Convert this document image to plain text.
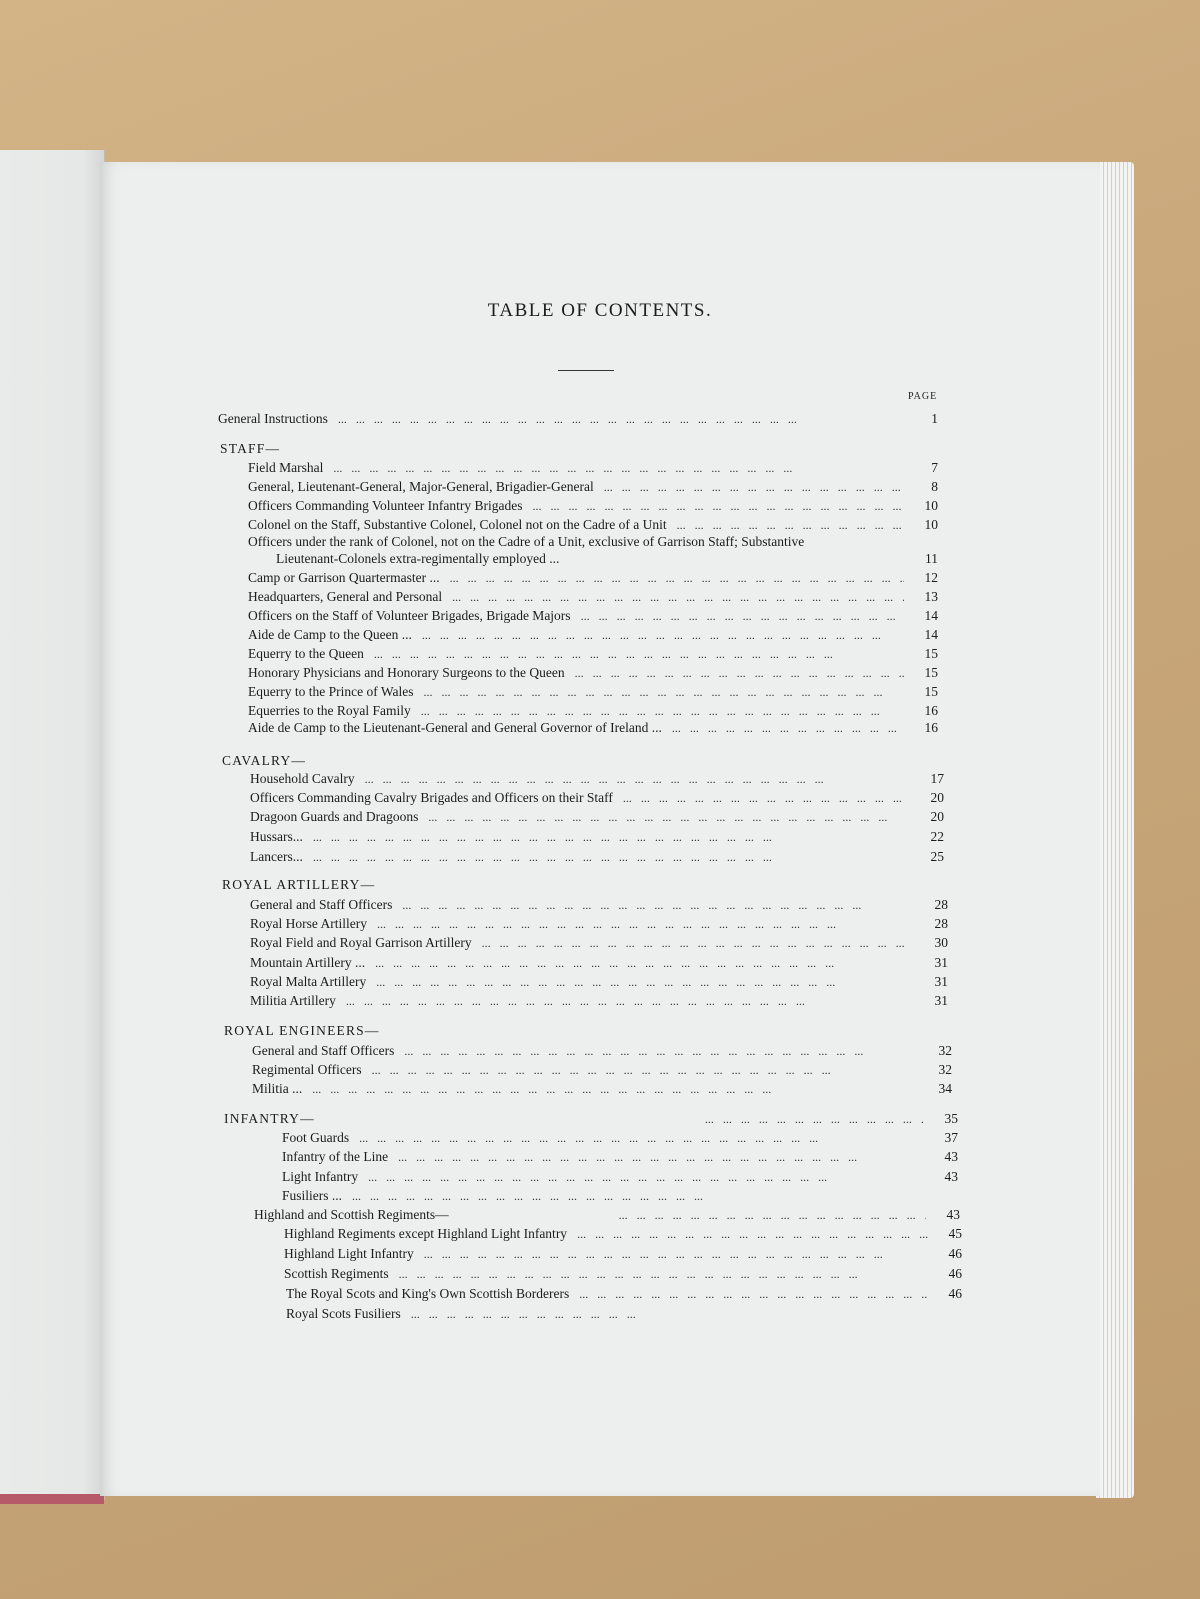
TABLE OF CONTENTS.
PAGE
General Instructions ...	1
STAFF—
Field Marshal ...	7
General, Lieutenant-General, Major-General, Brigadier-General ...	8
Officers Commanding Volunteer Infantry Brigades ...	10
Colonel on the Staff, Substantive Colonel, Colonel not on the Cadre of a Unit ...	10
Officers under the rank of Colonel, not on the Cadre of a Unit, exclusive of Garrison Staff; Substantive
Lieutenant-Colonels extra-regimentally employed ...	11
Camp or Garrison Quartermaster ... ...	12
Headquarters, General and Personal ...	13
Officers on the Staff of Volunteer Brigades, Brigade Majors ...	14
Aide de Camp to the Queen ... ...	14
Equerry to the Queen ...	15
Honorary Physicians and Honorary Surgeons to the Queen ...	15
Equerry to the Prince of Wales ...	15
Equerries to the Royal Family ...	16
Aide de Camp to the Lieutenant-General and General Governor of Ireland ... ...	16
CAVALRY—
Household Cavalry ...	17
Officers Commanding Cavalry Brigades and Officers on their Staff ...	20
Dragoon Guards and Dragoons ...	20
Hussars... ...	22
Lancers... ...	25
ROYAL ARTILLERY—
General and Staff Officers ...	28
Royal Horse Artillery ...	28
Royal Field and Royal Garrison Artillery ...	30
Mountain Artillery ... ...	31
Royal Malta Artillery ...	31
Militia Artillery ...	31
ROYAL ENGINEERS—
General and Staff Officers ...	32
Regimental Officers ...	32
Militia ... ...	34
INFANTRY— ...	35
Foot Guards ...	37
Infantry of the Line ...	43
Light Infantry ...	43
Fusiliers ...
...
Highland and Scottish Regiments— ...	43
Highland Regiments except Highland Light Infantry ...	45
Highland Light Infantry ...	46
Scottish Regiments ...	46
The Royal Scots and King's Own Scottish Borderers ...	46
Royal Scots Fusiliers
...
